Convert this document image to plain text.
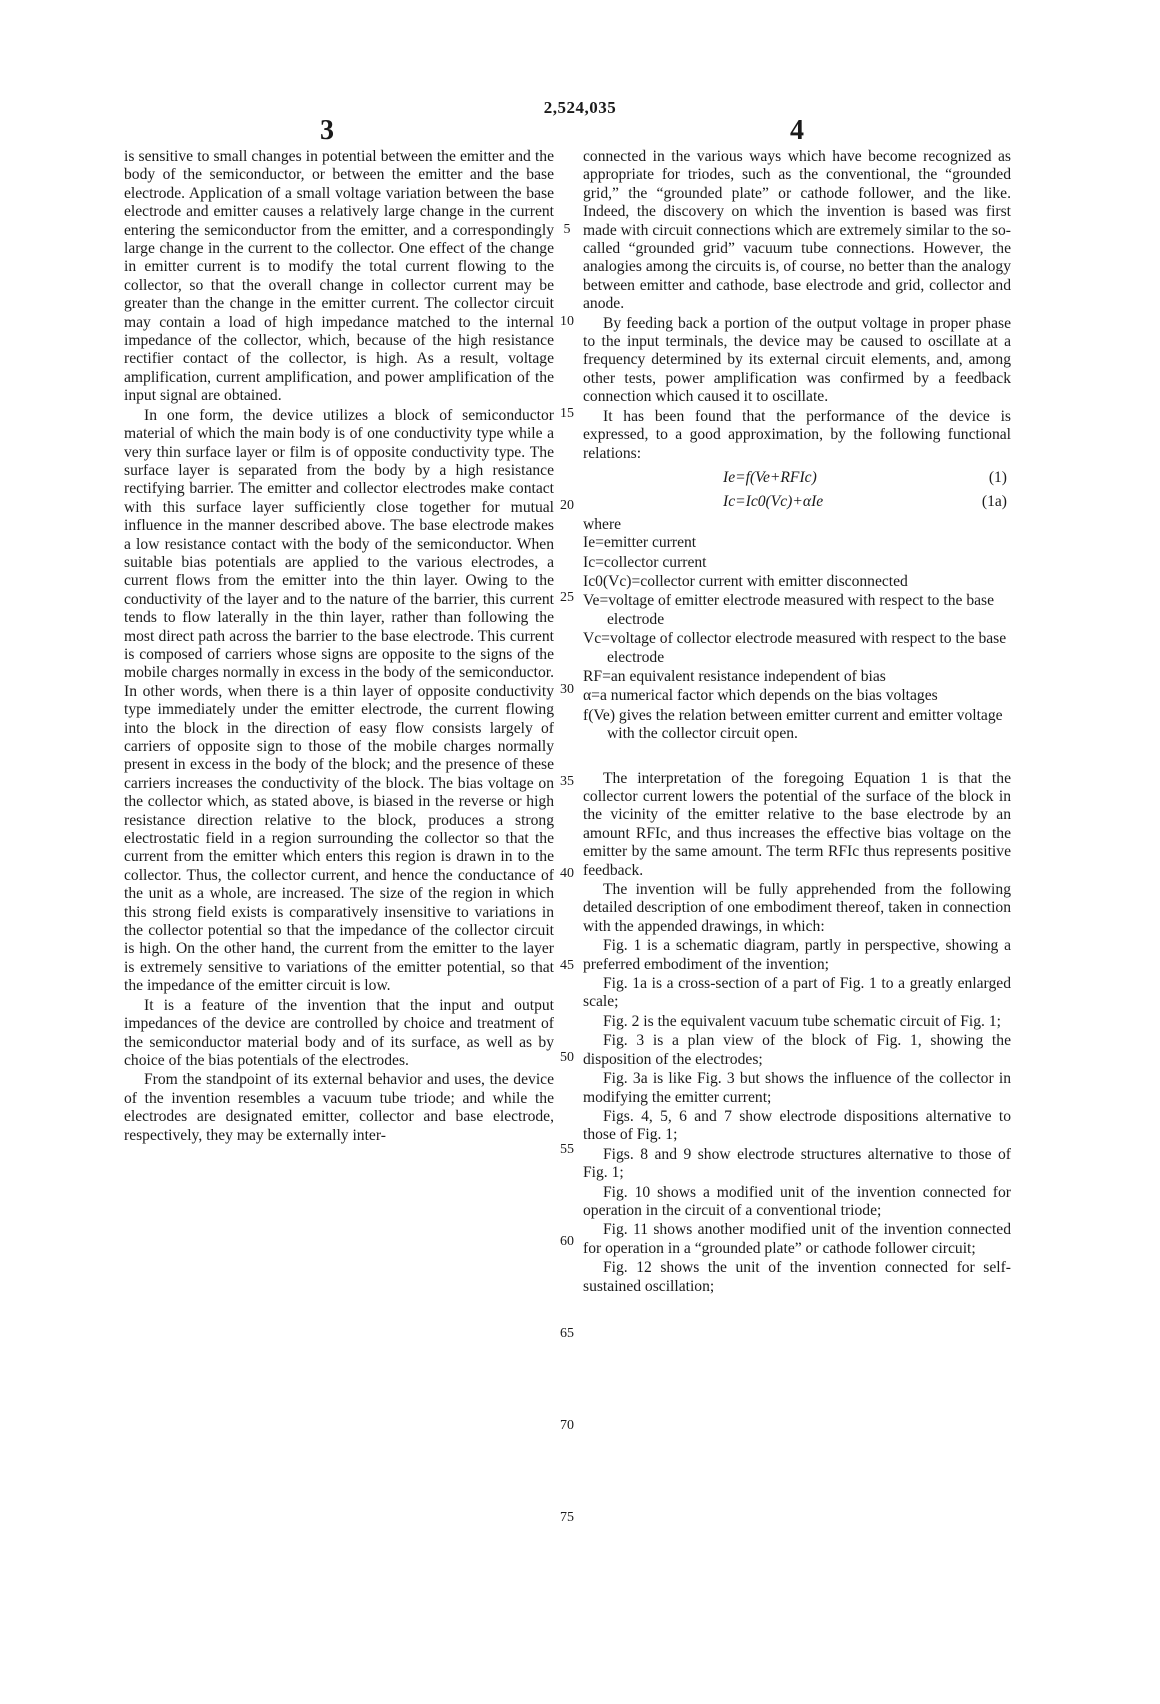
2,524,035
3	4

is sensitive to small changes in potential between the emitter and the body of the semiconductor, or between the emitter and the base electrode. Application of a small voltage variation between the base electrode and emitter causes a relatively large change in the current entering the semiconductor from the emitter, and a correspondingly large change in the current to the collector. One effect of the change in emitter current is to modify the total current flowing to the collector, so that the overall change in collector current may be greater than the change in the emitter current. The collector circuit may contain a load of high impedance matched to the internal impedance of the collector, which, because of the high resistance rectifier contact of the collector, is high. As a result, voltage amplification, current amplification, and power amplification of the input signal are obtained.

In one form, the device utilizes a block of semiconductor material of which the main body is of one conductivity type while a very thin surface layer or film is of opposite conductivity type. The surface layer is separated from the body by a high resistance rectifying barrier. The emitter and collector electrodes make contact with this surface layer sufficiently close together for mutual influence in the manner described above. The base electrode makes a low resistance contact with the body of the semiconductor. When suitable bias potentials are applied to the various electrodes, a current flows from the emitter into the thin layer. Owing to the conductivity of the layer and to the nature of the barrier, this current tends to flow laterally in the thin layer, rather than following the most direct path across the barrier to the base electrode. This current is composed of carriers whose signs are opposite to the signs of the mobile charges normally in excess in the body of the semiconductor. In other words, when there is a thin layer of opposite conductivity type immediately under the emitter electrode, the current flowing into the block in the direction of easy flow consists largely of carriers of opposite sign to those of the mobile charges normally present in excess in the body of the block; and the presence of these carriers increases the conductivity of the block. The bias voltage on the collector which, as stated above, is biased in the reverse or high resistance direction relative to the block, produces a strong electrostatic field in a region surrounding the collector so that the current from the emitter which enters this region is drawn in to the collector. Thus, the collector current, and hence the conductance of the unit as a whole, are increased. The size of the region in which this strong field exists is comparatively insensitive to variations in the collector potential so that the impedance of the collector circuit is high. On the other hand, the current from the emitter to the layer is extremely sensitive to variations of the emitter potential, so that the impedance of the emitter circuit is low.

It is a feature of the invention that the input and output impedances of the device are controlled by choice and treatment of the semiconductor material body and of its surface, as well as by choice of the bias potentials of the electrodes.

From the standpoint of its external behavior and uses, the device of the invention resembles a vacuum tube triode; and while the electrodes are designated emitter, collector and base electrode, respectively, they may be externally inter-

5
10
15
20
25
30
35
40
45
50
55
60
65
70
75

connected in the various ways which have become recognized as appropriate for triodes, such as the conventional, the “grounded grid,” the “grounded plate” or cathode follower, and the like. Indeed, the discovery on which the invention is based was first made with circuit connections which are extremely similar to the so-called “grounded grid” vacuum tube connections. However, the analogies among the circuits is, of course, no better than the analogy between emitter and cathode, base electrode and grid, collector and anode.

By feeding back a portion of the output voltage in proper phase to the input terminals, the device may be caused to oscillate at a frequency determined by its external circuit elements, and, among other tests, power amplification was confirmed by a feedback connection which caused it to oscillate.

It has been found that the performance of the device is expressed, to a good approximation, by the following functional relations:

Ie=f(Ve+RFIc)	(1)
Ic=Ic0(Vc)+αIe	(1a)
where
Ie=emitter current
Ic=collector current
Ic0(Vc)=collector current with emitter disconnected
Ve=voltage of emitter electrode measured with respect to the base electrode
Vc=voltage of collector electrode measured with respect to the base electrode
RF=an equivalent resistance independent of bias
α=a numerical factor which depends on the bias voltages
f(Ve) gives the relation between emitter current and emitter voltage with the collector circuit open.

The interpretation of the foregoing Equation 1 is that the collector current lowers the potential of the surface of the block in the vicinity of the emitter relative to the base electrode by an amount RFIc, and thus increases the effective bias voltage on the emitter by the same amount. The term RFIc thus represents positive feedback.

The invention will be fully apprehended from the following detailed description of one embodiment thereof, taken in connection with the appended drawings, in which:

Fig. 1 is a schematic diagram, partly in perspective, showing a preferred embodiment of the invention;

Fig. 1a is a cross-section of a part of Fig. 1 to a greatly enlarged scale;

Fig. 2 is the equivalent vacuum tube schematic circuit of Fig. 1;

Fig. 3 is a plan view of the block of Fig. 1, showing the disposition of the electrodes;

Fig. 3a is like Fig. 3 but shows the influence of the collector in modifying the emitter current;

Figs. 4, 5, 6 and 7 show electrode dispositions alternative to those of Fig. 1;

Figs. 8 and 9 show electrode structures alternative to those of Fig. 1;

Fig. 10 shows a modified unit of the invention connected for operation in the circuit of a conventional triode;

Fig. 11 shows another modified unit of the invention connected for operation in a “grounded plate” or cathode follower circuit;

Fig. 12 shows the unit of the invention connected for self-sustained oscillation;
